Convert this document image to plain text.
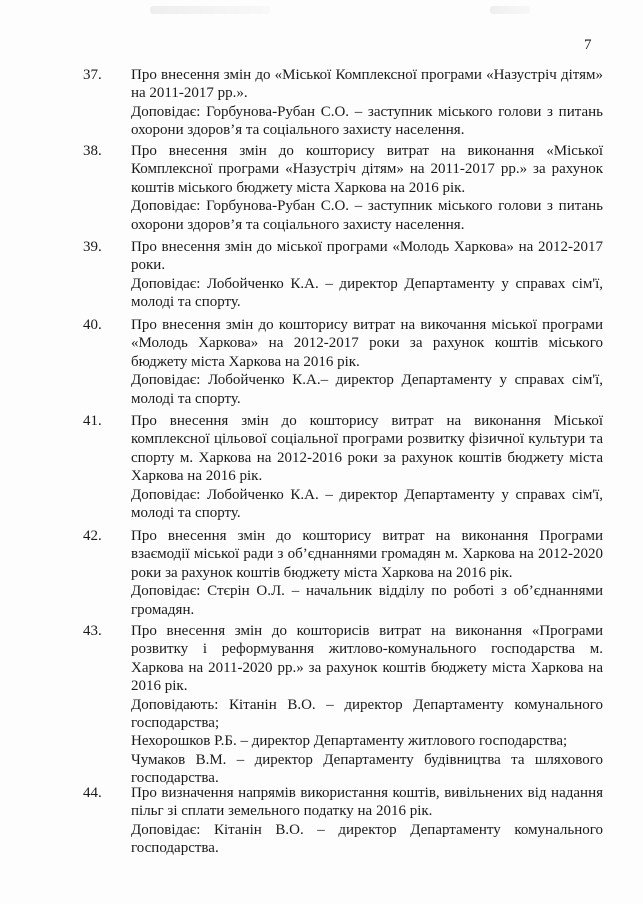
7
37.	Про внесення змін до «Міської Комплексної програми «Назустріч дітям» на 2011-2017 рр.».

Доповідає: Горбунова-Рубан С.О. – заступник міського голови з питань охорони здоров’я та соціального захисту населення.

38.	Про внесення змін до кошторису витрат на виконання «Міської Комплексної програми «Назустріч дітям» на 2011-2017 рр.» за рахунок коштів міського бюджету міста Харкова на 2016 рік.

Доповідає: Горбунова-Рубан С.О. – заступник міського голови з питань охорони здоров’я та соціального захисту населення.

39.	Про внесення змін до міської програми «Молодь Харкова» на 2012-2017 роки.

Доповідає: Лобойченко К.А. – директор Департаменту у справах сім'ї, молоді та спорту.

40.	Про внесення змін до кошторису витрат на викочання міської програми «Молодь Харкова» на 2012-2017 роки за рахунок коштів міського бюджету міста Харкова на 2016 рік.

Доповідає: Лобойченко К.А.– директор Департаменту у справах сім'ї, молоді та спорту.

41.	Про внесення змін до кошторису витрат на виконання Міської комплексної цільової соціальної програми розвитку фізичної культури та спорту м. Харкова на 2012-2016 роки за рахунок коштів бюджету міста Харкова на 2016 рік.

Доповідає: Лобойченко К.А. – директор Департаменту у справах сім'ї, молоді та спорту.

42.	Про внесення змін до кошторису витрат на виконання Програми взаємодії міської ради з об’єднаннями громадян м. Харкова на 2012-2020 роки за рахунок коштів бюджету міста Харкова на 2016 рік.

Доповідає: Стєрін О.Л. – начальник відділу по роботі з об’єднаннями громадян.

43.	Про внесення змін до кошторисів витрат на виконання «Програми розвитку і реформування житлово-комунального господарства м. Харкова на 2011-2020 рр.» за рахунок коштів бюджету міста Харкова на 2016 рік.

Доповідають: Кітанін В.О. – директор Департаменту комунального господарства;

Нехорошков Р.Б. – директор Департаменту житлового господарства;

Чумаков В.М. – директор Департаменту будівництва та шляхового господарства.

44.	Про визначення напрямів використання коштів, вивільнених від надання пільг зі сплати земельного податку на 2016 рік.

Доповідає: Кітанін В.О. – директор Департаменту комунального господарства.
